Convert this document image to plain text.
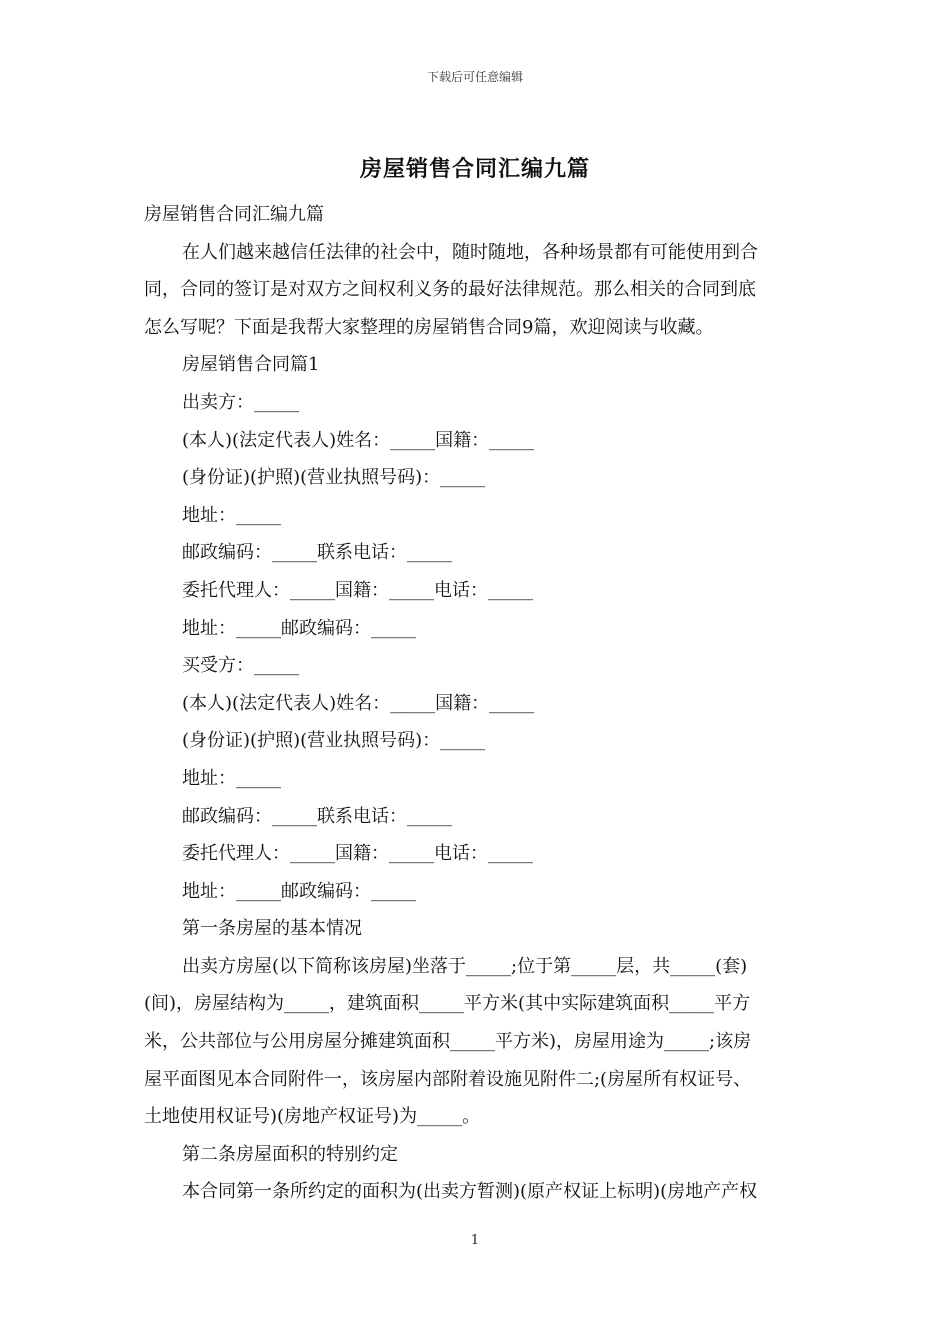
下载后可任意编辑
房屋销售合同汇编九篇
房屋销售合同汇编九篇
在人们越来越信任法律的社会中，随时随地，各种场景都有可能使用到合
同，合同的签订是对双方之间权利义务的最好法律规范。那么相关的合同到底
怎么写呢？下面是我帮大家整理的房屋销售合同9篇，欢迎阅读与收藏。
房屋销售合同篇1
出卖方：_____
(本人)(法定代表人)姓名：_____国籍：_____
(身份证)(护照)(营业执照号码)：_____
地址：_____
邮政编码：_____联系电话：_____
委托代理人：_____国籍：_____电话：_____
地址：_____邮政编码：_____
买受方：_____
(本人)(法定代表人)姓名：_____国籍：_____
(身份证)(护照)(营业执照号码)：_____
地址：_____
邮政编码：_____联系电话：_____
委托代理人：_____国籍：_____电话：_____
地址：_____邮政编码：_____
第一条房屋的基本情况
出卖方房屋(以下简称该房屋)坐落于_____;位于第_____层，共_____(套)
(间)，房屋结构为_____，建筑面积_____平方米(其中实际建筑面积_____平方
米，公共部位与公用房屋分摊建筑面积_____平方米)，房屋用途为_____;该房
屋平面图见本合同附件一，该房屋内部附着设施见附件二;(房屋所有权证号、
土地使用权证号)(房地产权证号)为_____。
第二条房屋面积的特别约定
本合同第一条所约定的面积为(出卖方暂测)(原产权证上标明)(房地产产权
1
